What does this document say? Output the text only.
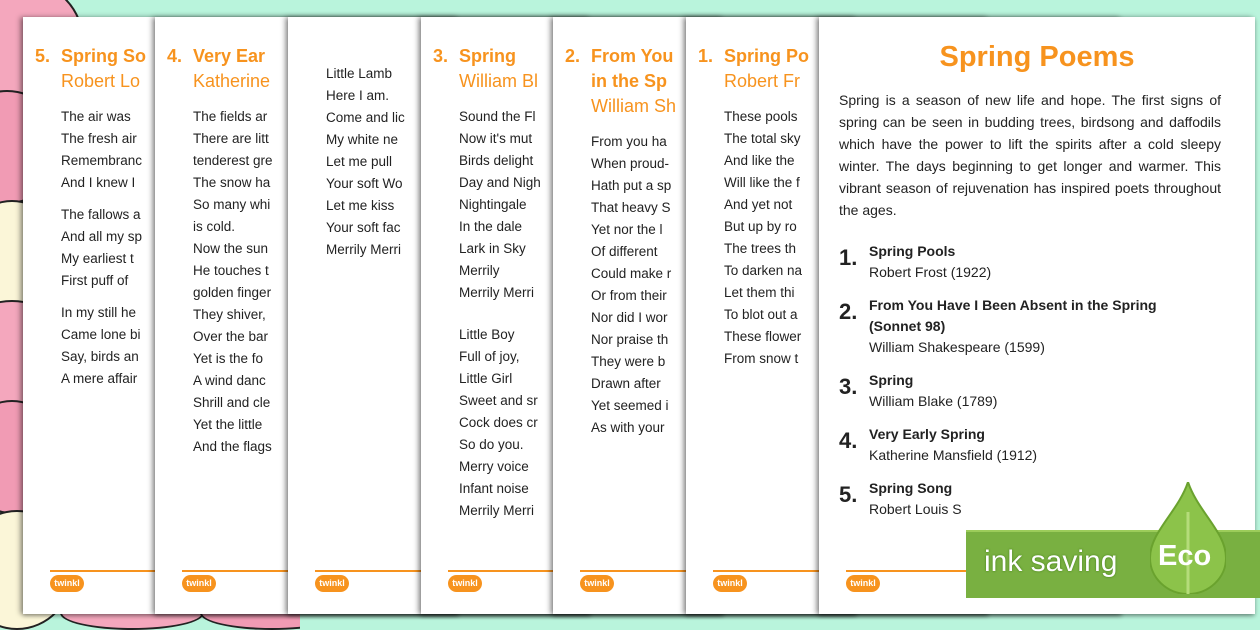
5. Spring So
Robert Lo
The air was
The fresh air
Remembranc
And I knew I
The fallows a
And all my sp
My earliest t
First puff of
In my still he
Came lone bi
Say, birds an
A mere affair
twinkl
4. Very Ear
Katherine
The fields ar
There are litt
tenderest gre
The snow ha
So many whi
is cold.
Now the sun
He touches t
golden finger
They shiver,
Over the bar
Yet is the fo
A wind danc
Shrill and cle
Yet the little
And the flags
twinkl
Little Lamb
Here I am.
Come and lic
My white ne
Let me pull
Your soft Wo
Let me kiss
Your soft fac
Merrily Merri
twinkl
3. Spring
William Bl
Sound the Fl
Now it's mut
Birds delight
Day and Nigh
Nightingale
In the dale
Lark in Sky
Merrily
Merrily Merri
Little Boy
Full of joy,
Little Girl
Sweet and sr
Cock does cr
So do you.
Merry voice
Infant noise
Merrily Merri
twinkl
2. From You
in the Sp
William Sh
From you ha
When proud-
Hath put a sp
That heavy S
Yet nor the l
Of different
Could make r
Or from their
Nor did I wor
Nor praise th
They were b
Drawn after
Yet seemed i
As with your
twinkl
1. Spring Po
Robert Fr
These pools
The total sky
And like the
Will like the f
And yet not
But up by ro
The trees th
To darken na
Let them thi
To blot out a
These flower
From snow t
twinkl
Spring Poems
Spring is a season of new life and hope. The first signs of spring can be seen in budding trees, birdsong and daffodils which have the power to lift the spirits after a cold sleepy winter. The days beginning to get longer and warmer. This vibrant season of rejuvenation has inspired poets throughout the ages.
1. Spring Pools
Robert Frost (1922)
2. From You Have I Been Absent in the Spring (Sonnet 98)
William Shakespeare (1599)
3. Spring
William Blake (1789)
4. Very Early Spring
Katherine Mansfield (1912)
5. Spring Song
Robert Louis S
twinkl
ink saving Eco
